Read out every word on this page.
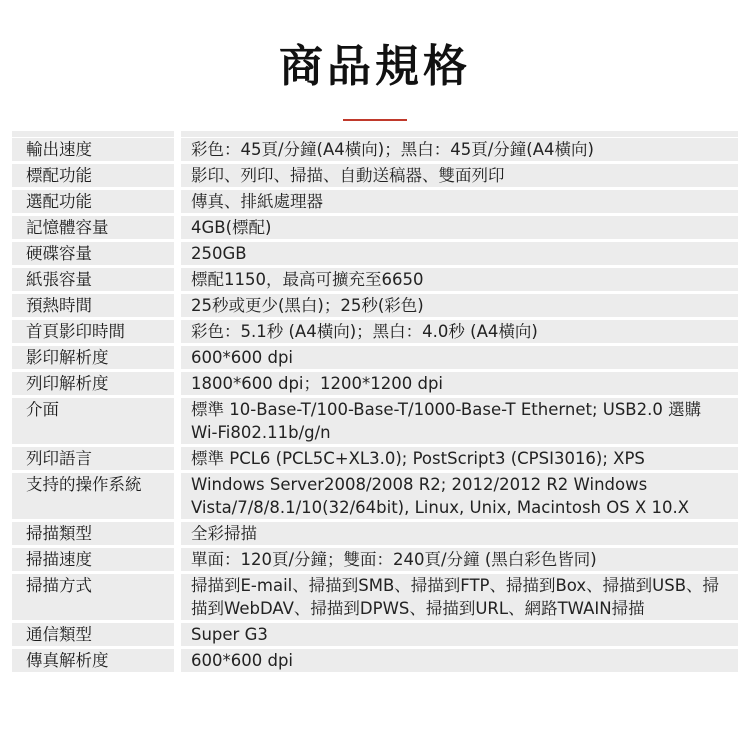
商品規格
輸出速度		彩色：45頁/分鐘(A4橫向)；黑白：45頁/分鐘(A4橫向)
標配功能		影印、列印、掃描、自動送稿器、雙面列印
選配功能		傳真、排紙處理器
記憶體容量		4GB(標配)
硬碟容量		250GB
紙張容量		標配1150，最高可擴充至6650
預熱時間		25秒或更少(黑白)；25秒(彩色)
首頁影印時間		彩色：5.1秒 (A4橫向)；黑白：4.0秒 (A4橫向)
影印解析度		600*600 dpi
列印解析度		1800*600 dpi；1200*1200 dpi
介面		標準 10-Base-T/100-Base-T/1000-Base-T Ethernet; USB2.0 選購 Wi-Fi802.11b/g/n
列印語言		標準 PCL6 (PCL5C+XL3.0); PostScript3 (CPSI3016); XPS
支持的操作系統		Windows Server2008/2008 R2; 2012/2012 R2 Windows Vista/7/8/8.1/10(32/64bit), Linux, Unix, Macintosh OS X 10.X
掃描類型		全彩掃描
掃描速度		單面：120頁/分鐘；雙面：240頁/分鐘 (黑白彩色皆同)
掃描方式		掃描到E-mail、掃描到SMB、掃描到FTP、掃描到Box、掃描到USB、掃描到WebDAV、掃描到DPWS、掃描到URL、網路TWAIN掃描
通信類型		Super G3
傳真解析度		600*600 dpi
